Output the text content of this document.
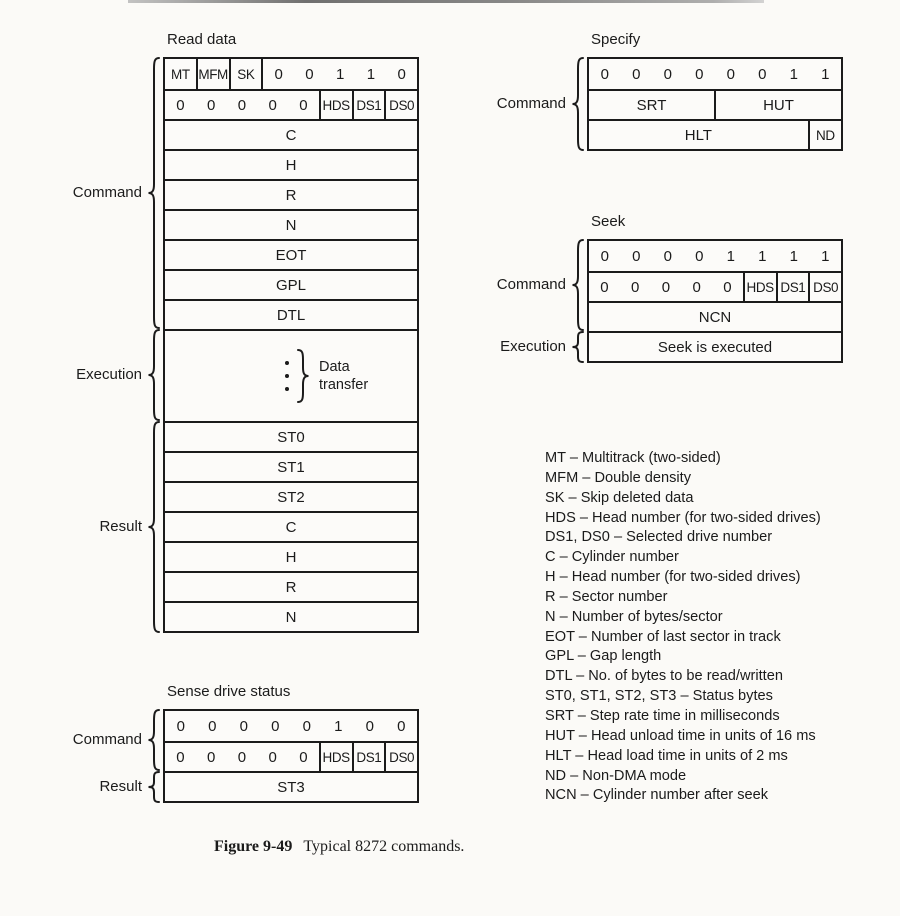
Read data
Command
Execution
Result
MT MFM SK	0	0	1	1	0
0	0	0	0	0	HDS DS1 DS0
C
H
R
N
EOT
GPL
DTL
Data
transfer
ST0
ST1
ST2
C
H
R
N
Specify
Command
0	0	0	0	0	0	1	1
SRT	HUT
HLT	ND
Seek
Command
Execution
0	0	0	0	1	1	1	1
0	0	0	0	0	HDS DS1 DS0
NCN
Seek is executed
Sense drive status
Command
Result
0	0	0	0	0	1	0	0
0	0	0	0	0	HDS DS1 DS0
ST3
MT – Multitrack (two-sided)
MFM – Double density
SK – Skip deleted data
HDS – Head number (for two-sided drives)
DS1, DS0 – Selected drive number
C – Cylinder number
H – Head number (for two-sided drives)
R – Sector number
N – Number of bytes/sector
EOT – Number of last sector in track
GPL – Gap length
DTL – No. of bytes to be read/written
ST0, ST1, ST2, ST3 – Status bytes
SRT – Step rate time in milliseconds
HUT – Head unload time in units of 16 ms
HLT – Head load time in units of 2 ms
ND – Non-DMA mode
NCN – Cylinder number after seek
Figure 9-49 Typical 8272 commands.
